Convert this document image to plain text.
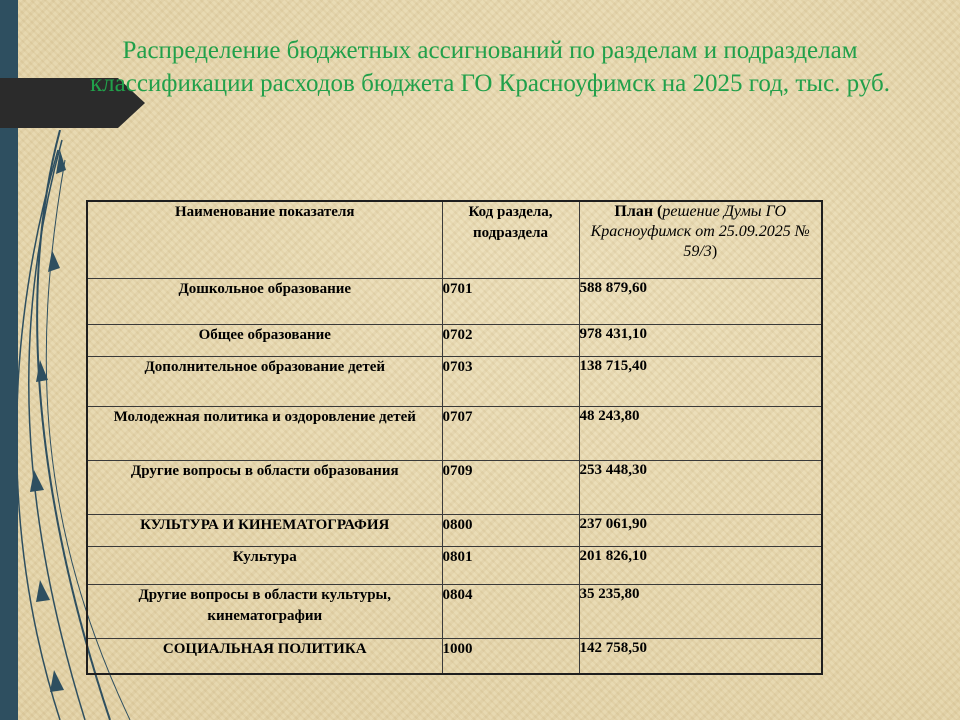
Распределение бюджетных ассигнований по разделам и подразделам классификации расходов бюджета ГО Красноуфимск на 2025 год, тыс. руб.
Наименование показателя	Код раздела, подраздела	План (решение Думы ГО Красноуфимск от 25.09.2025 № 59/3)
Дошкольное образование	0701	588 879,60
Общее образование	0702	978 431,10
Дополнительное образование детей	0703	138 715,40
Молодежная политика и оздоровление детей	0707	48 243,80
Другие вопросы в области образования	0709	253 448,30
КУЛЬТУРА И КИНЕМАТОГРАФИЯ	0800	237 061,90
Культура	0801	201 826,10
Другие вопросы в области культуры, кинематографии	0804	35 235,80
СОЦИАЛЬНАЯ ПОЛИТИКА	1000	142 758,50
